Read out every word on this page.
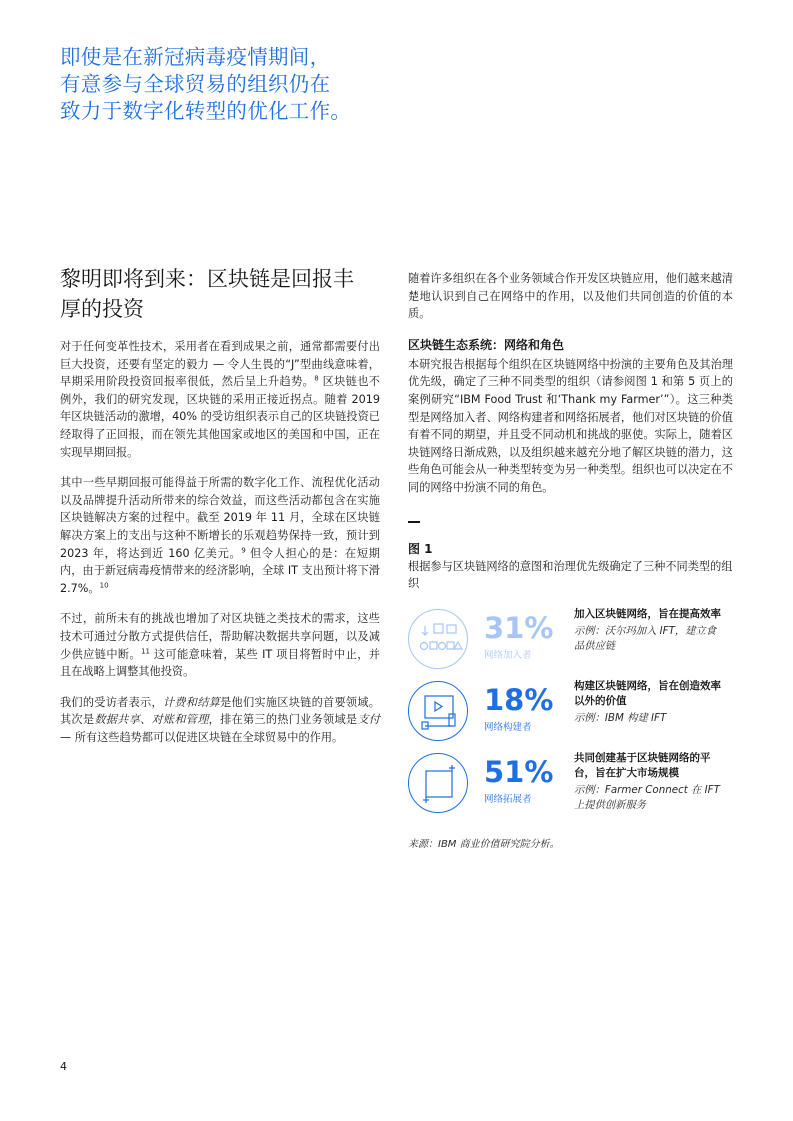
即使是在新冠病毒疫情期间，
有意参与全球贸易的组织仍在
致力于数字化转型的优化工作。
黎明即将到来：区块链是回报丰
厚的投资

对于任何变革性技术，采用者在看到成果之前，通常都需要付出巨大投资，还要有坚定的毅力 — 令人生畏的“J”型曲线意味着，早期采用阶段投资回报率很低，然后呈上升趋势。$^8$ 区块链也不例外，我们的研究发现，区块链的采用正接近拐点。随着 2019 年区块链活动的激增，40% 的受访组织表示自己的区块链投资已经取得了正回报，而在领先其他国家或地区的美国和中国，正在实现早期回报。

其中一些早期回报可能得益于所需的数字化工作、流程优化活动以及品牌提升活动所带来的综合效益，而这些活动都包含在实施区块链解决方案的过程中。截至 2019 年 11 月，全球在区块链解决方案上的支出与这种不断增长的乐观趋势保持一致，预计到 2023 年，将达到近 160 亿美元。$^9$ 但令人担心的是：在短期内，由于新冠病毒疫情带来的经济影响，全球 IT 支出预计将下滑 2.7%。$^{10}$

不过，前所未有的挑战也增加了对区块链之类技术的需求，这些技术可通过分散方式提供信任，帮助解决数据共享问题，以及减少供应链中断。$^{11}$ 这可能意味着，某些 IT 项目将暂时中止，并且在战略上调整其他投资。

我们的受访者表示，计费和结算是他们实施区块链的首要领域。其次是数据共享、对账和管理，排在第三的热门业务领域是支付 — 所有这些趋势都可以促进区块链在全球贸易中的作用。

随着许多组织在各个业务领域合作开发区块链应用，他们越来越清楚地认识到自己在网络中的作用，以及他们共同创造的价值的本质。

区块链生态系统：网络和角色

本研究报告根据每个组织在区块链网络中扮演的主要角色及其治理优先级，确定了三种不同类型的组织（请参阅图 1 和第 5 页上的案例研究“IBM Food Trust 和‘Thank my Farmer’”）。这三种类型是网络加入者、网络构建者和网络拓展者，他们对区块链的价值有着不同的期望，并且受不同动机和挑战的驱使。实际上，随着区块链网络日渐成熟，以及组织越来越充分地了解区块链的潜力，这些角色可能会从一种类型转变为另一种类型。组织也可以决定在不同的网络中扮演不同的角色。

图 1
根据参与区块链网络的意图和治理优先级确定了三种不同类型的组织
31%
网络加入者
加入区块链网络，旨在提高效率
示例：沃尔玛加入 IFT，建立食品供应链
18%
网络构建者
构建区块链网络，旨在创造效率以外的价值
示例：IBM 构建 IFT
51%
网络拓展者
共同创建基于区块链网络的平台，旨在扩大市场规模
示例：Farmer Connect 在 IFT 上提供创新服务
来源：IBM 商业价值研究院分析。
4
